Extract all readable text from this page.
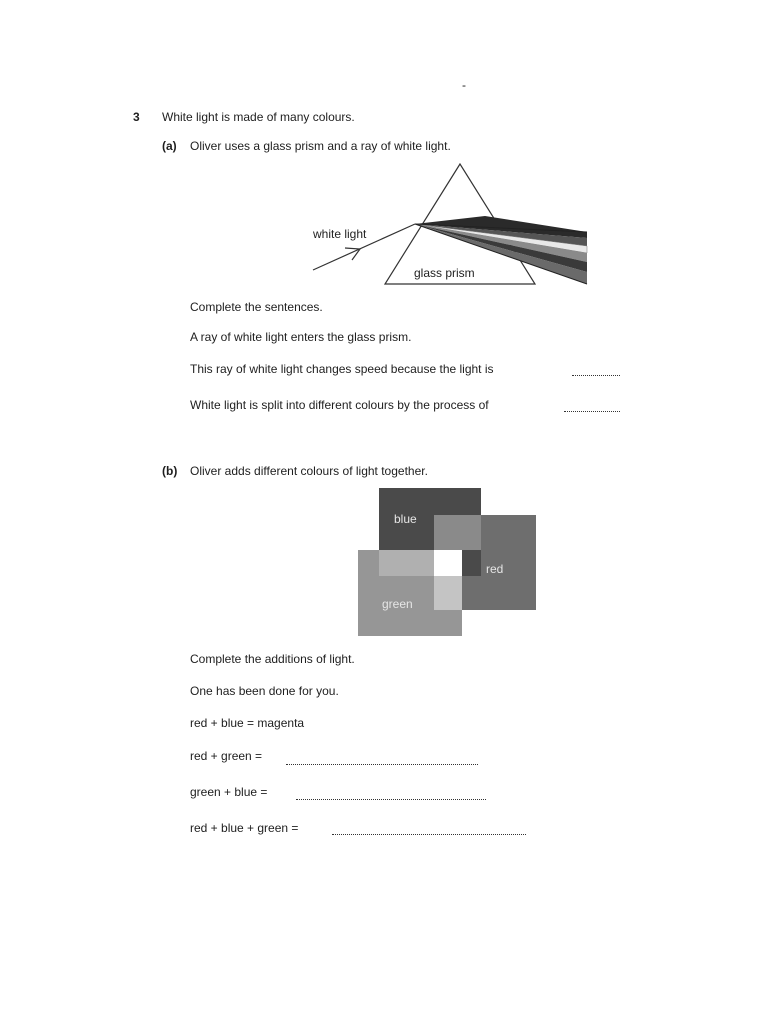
-
3 White light is made of many colours.
(a) Oliver uses a glass prism and a ray of white light.
white light
glass prism
Complete the sentences.
A ray of white light enters the glass prism.
This ray of white light changes speed because the light is
White light is split into different colours by the process of
(b) Oliver adds different colours of light together.
blue
red
green
Complete the additions of light.
One has been done for you.
red + blue = magenta
red + green =
green + blue =
red + blue + green =
